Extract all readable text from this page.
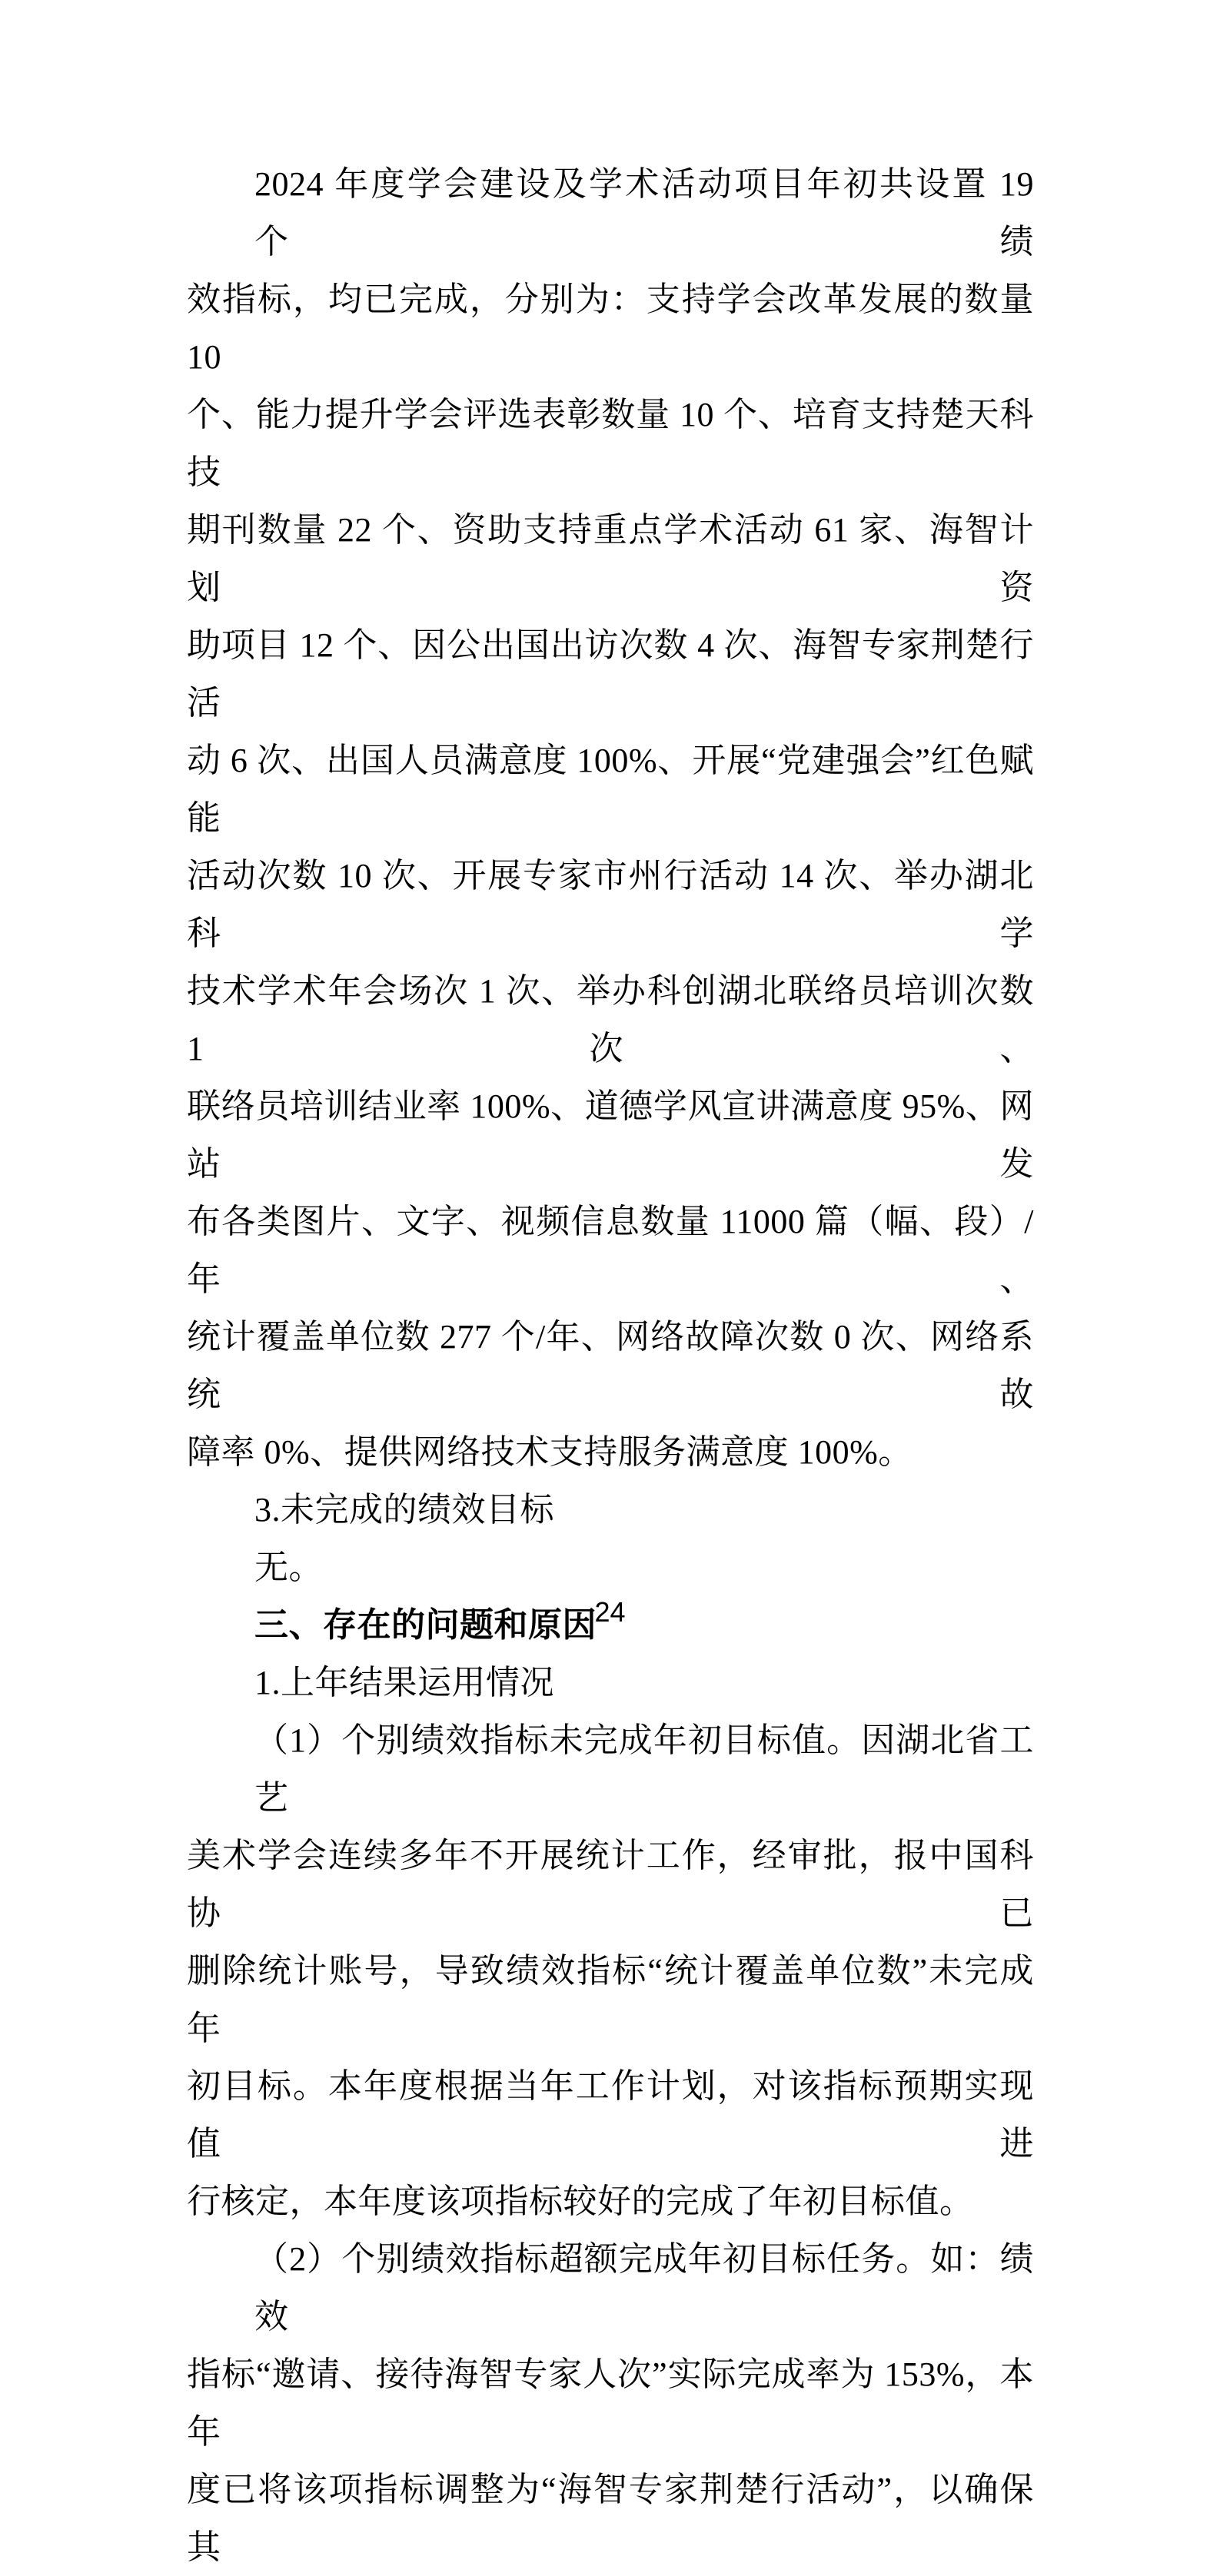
2024 年度学会建设及学术活动项目年初共设置 19 个绩
效指标，均已完成，分别为：支持学会改革发展的数量 10
个、能力提升学会评选表彰数量 10 个、培育支持楚天科技
期刊数量 22 个、资助支持重点学术活动 61 家、海智计划资
助项目 12 个、因公出国出访次数 4 次、海智专家荆楚行活
动 6 次、出国人员满意度 100%、开展“党建强会”红色赋能
活动次数 10 次、开展专家市州行活动 14 次、举办湖北科学
技术学术年会场次 1 次、举办科创湖北联络员培训次数 1 次、
联络员培训结业率 100%、道德学风宣讲满意度 95%、网站发
布各类图片、文字、视频信息数量 11000 篇（幅、段）/年、
统计覆盖单位数 277 个/年、网络故障次数 0 次、网络系统故
障率 0%、提供网络技术支持服务满意度 100%。
3.未完成的绩效目标
无。
三、存在的问题和原因
1.上年结果运用情况
（1）个别绩效指标未完成年初目标值。因湖北省工艺
美术学会连续多年不开展统计工作，经审批，报中国科协已
删除统计账号，导致绩效指标“统计覆盖单位数”未完成年
初目标。本年度根据当年工作计划，对该指标预期实现值进
行核定，本年度该项指标较好的完成了年初目标值。
（2）个别绩效指标超额完成年初目标任务。如：绩效
指标“邀请、接待海智专家人次”实际完成率为 153%，本年
度已将该项指标调整为“海智专家荆楚行活动”，以确保其
24
